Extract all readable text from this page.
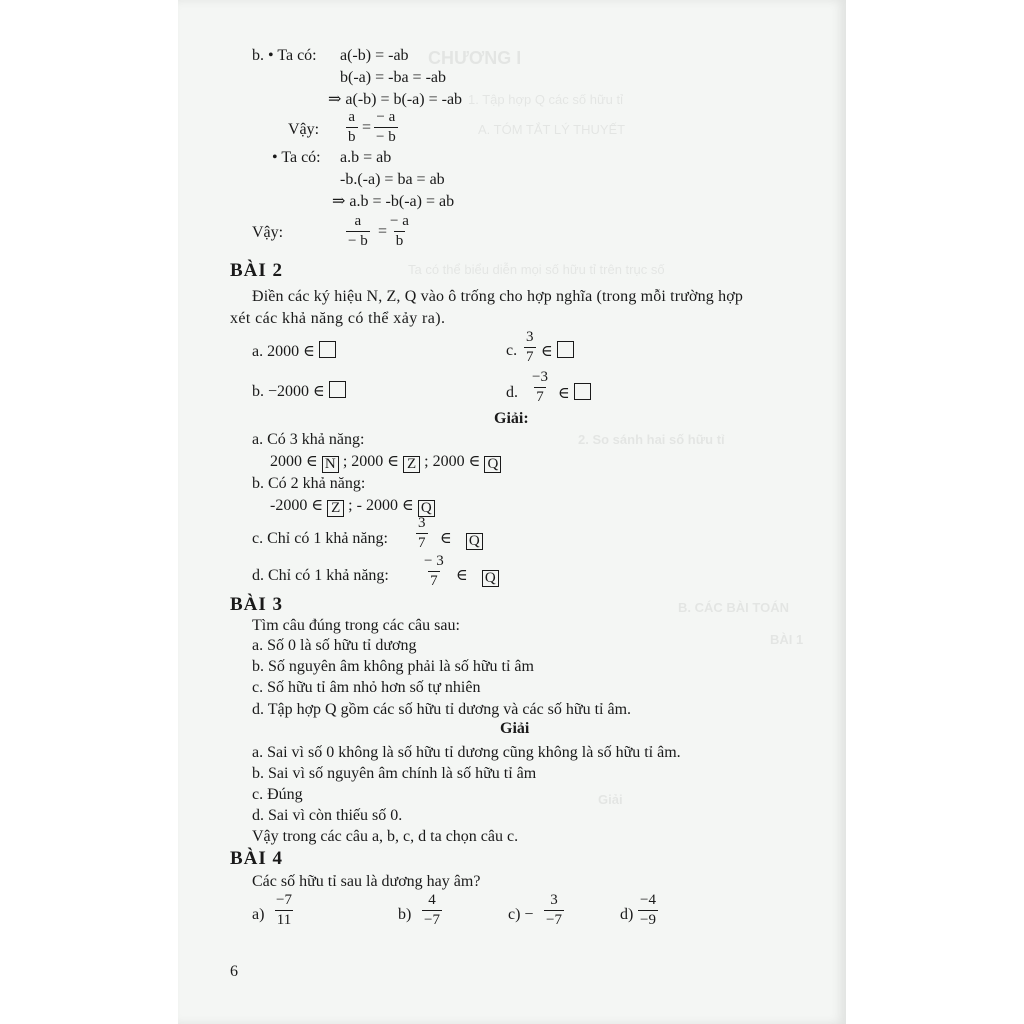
CHƯƠNG I
1. Tập hợp Q các số hữu tỉ
A. TÓM TẮT LÝ THUYẾT
Ta có thể biểu diễn mọi số hữu tỉ trên trục số
2. So sánh hai số hữu tỉ
B. CÁC BÀI TOÁN
BÀI 1
Giải
b. • Ta có: a(-b) = -ab
b(-a) = -ba = -ab
⇒ a(-b) = b(-a) = -ab
Vậy: $\frac{a}{b} = \frac{- a}{- b}$
• Ta có: a.b = ab
-b.(-a) = ba = ab
⇒ a.b = -b(-a) = ab
Vậy:	$\frac{a}{- b} = \frac{- a}{b}$
BÀI 2
Điền các ký hiệu N, Z, Q vào ô trống cho hợp nghĩa (trong mỗi trường hợp
xét các khả năng có thể xảy ra).
a. 2000 ∈	c. $\frac{3}{7}$ ∈
b. −2000 ∈	d. $\frac{-3}{7}$ ∈
Giải:
a. Có 3 khả năng:
2000 ∈ N ; 2000 ∈ Z ; 2000 ∈ Q
b. Có 2 khả năng:
-2000 ∈ Z ; - 2000 ∈ Q
c. Chỉ có 1 khả năng: $\frac{3}{7}$ ∈ Q
d. Chỉ có 1 khả năng: $\frac{- 3}{7}$ ∈ Q
BÀI 3
Tìm câu đúng trong các câu sau:
a. Số 0 là số hữu tỉ dương
b. Số nguyên âm không phải là số hữu tỉ âm
c. Số hữu tỉ âm nhỏ hơn số tự nhiên
d. Tập hợp Q gồm các số hữu tỉ dương và các số hữu tỉ âm.
Giải
a. Sai vì số 0 không là số hữu tỉ dương cũng không là số hữu tỉ âm.
b. Sai vì số nguyên âm chính là số hữu tỉ âm
c. Đúng
d. Sai vì còn thiếu số 0.
Vậy trong các câu a, b, c, d ta chọn câu c.
BÀI 4
Các số hữu tỉ sau là dương hay âm?
$a) \frac{-7}{11}$	$b) \frac{4}{-7}$	$c) - \frac{3}{-7}$	$d) \frac{-4}{-9}$
6
